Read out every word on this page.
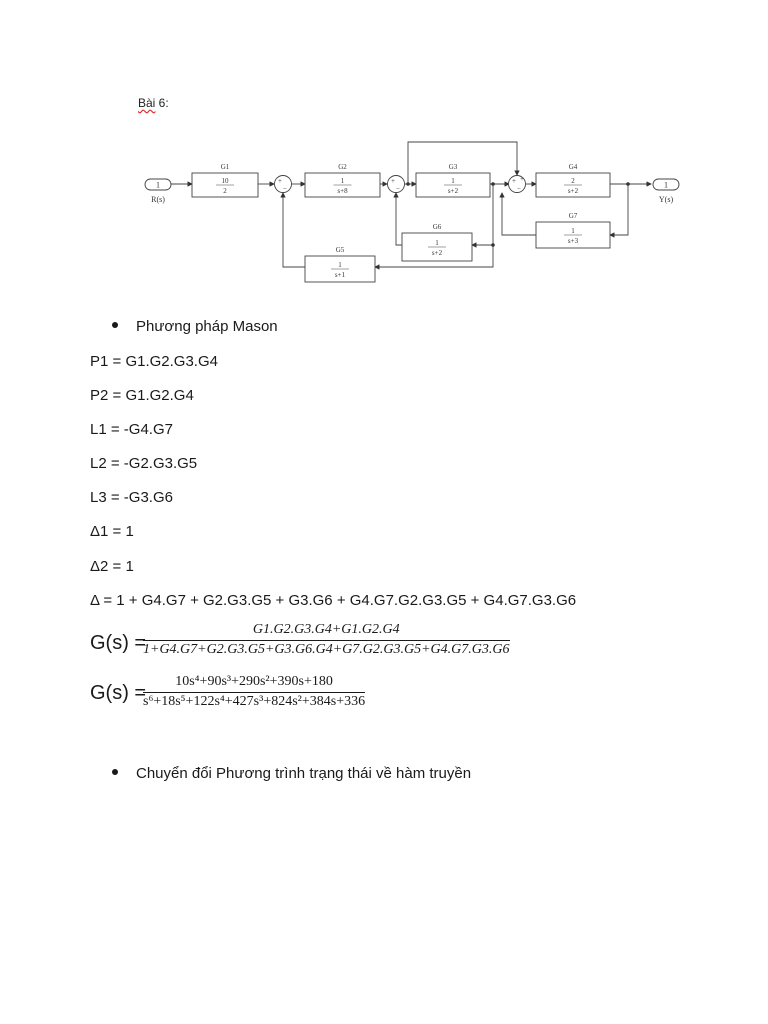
Bài 6:
+
−
+
−
+ +
−
1
R(s)
1
Y(s)
G1
10
2
G2
1
s+8
G3
1
s+2
G4
2
s+2
G6
1
s+2
G5
1
s+1
G7
1
s+3
Phương pháp Mason
P1 = G1.G2.G3.G4
P2 = G1.G2.G4
L1 = -G4.G7
L2 = -G2.G3.G5
L3 = -G3.G6
Δ1 = 1
Δ2 = 1
Δ = 1 + G4.G7 + G2.G3.G5 + G3.G6 + G4.G7.G2.G3.G5 + G4.G7.G3.G6
G(s) =
$\frac{G1.G2.G3.G4+G1.G2.G4}{1+G4.G7+G2.G3.G5+G3.G6.G4+G7.G2.G3.G5+G4.G7.G3.G6}$
G(s) =
$\frac{\text{10s⁴+90s³+290s²+390s+180}}{\text{s⁶+18s⁵+122s⁴+427s³+824s²+384s+336}}$
Chuyển đổi Phương trình trạng thái về hàm truyền
